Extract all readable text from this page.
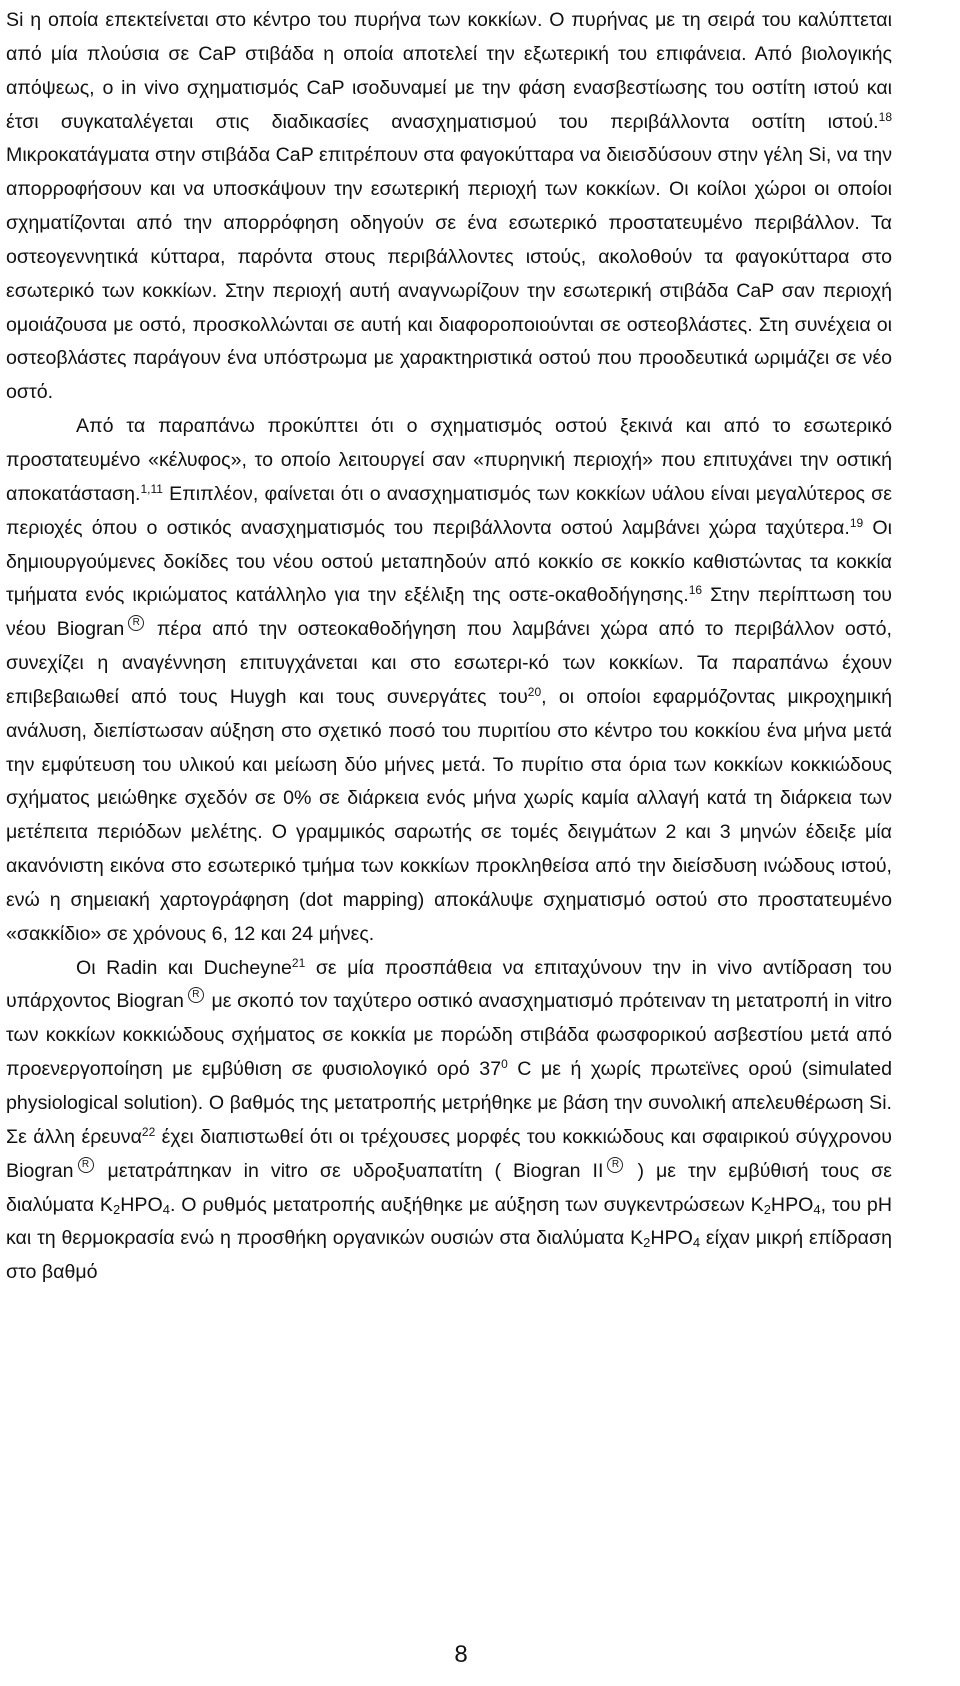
Si η οποία επεκτείνεται στο κέντρο του πυρήνα των κοκκίων. Ο πυρήνας με τη σειρά του καλύπτεται από μία πλούσια σε CaP στιβάδα η οποία αποτελεί την εξωτερική του επιφάνεια. Από βιολογικής απόψεως, ο in vivo σχηματισμός CaP ισοδυναμεί με την φάση ενασβεστίωσης του οστίτη ιστού και έτσι συγκαταλέγεται στις διαδικασίες ανασχηματισμού του περιβάλλοντα οστίτη ιστού.$^{18}$ Μικροκατάγματα στην στιβάδα CaP επιτρέπουν στα φαγοκύτταρα να διεισδύσουν στην γέλη Si, να την απορροφήσουν και να υποσκάψουν την εσωτερική περιοχή των κοκκίων. Οι κοίλοι χώροι οι οποίοι σχηματίζονται από την απορρόφηση οδηγούν σε ένα εσωτερικό προστατευμένο περιβάλλον. Τα οστεογεννητικά κύτταρα, παρόντα στους περιβάλλοντες ιστούς, ακολοθούν τα φαγοκύτταρα στο εσωτερικό των κοκκίων. Στην περιοχή αυτή αναγνωρίζουν την εσωτερική στιβάδα CaP σαν περιοχή ομοιάζουσα με οστό, προσκολλώνται σε αυτή και διαφοροποιούνται σε οστεοβλάστες. Στη συνέχεια οι οστεοβλάστες παράγουν ένα υπόστρωμα με χαρακτηριστικά οστού που προοδευτικά ωριμάζει σε νέο οστό.

Από τα παραπάνω προκύπτει ότι ο σχηματισμός οστού ξεκινά και από το εσωτερικό προστατευμένο «κέλυφος», το οποίο λειτουργεί σαν «πυρηνική περιοχή» που επιτυχάνει την οστική αποκατάσταση.$^{1,11}$ Επιπλέον, φαίνεται ότι ο ανασχηματισμός των κοκκίων υάλου είναι μεγαλύτερος σε περιοχές όπου ο οστικός ανασχηματισμός του περιβάλλοντα οστού λαμβάνει χώρα ταχύτερα.$^{19}$ Οι δημιουργούμενες δοκίδες του νέου οστού μεταπηδούν από κοκκίο σε κοκκίο καθιστώντας τα κοκκία τμήματα ενός ικριώματος κατάλληλο για την εξέλιξη της οστε-οκαθοδήγησης.$^{16}$ Στην περίπτωση του νέου Biogran R πέρα από την οστεοκαθοδήγηση που λαμβάνει χώρα από το περιβάλλον οστό, συνεχίζει η αναγέννηση επιτυγχάνεται και στο εσωτερι-κό των κοκκίων. Τα παραπάνω έχουν επιβεβαιωθεί από τους Huygh και τους συνεργάτες του$^{20}$, οι οποίοι εφαρμόζοντας μικροχημική ανάλυση, διεπίστωσαν αύξηση στο σχετικό ποσό του πυριτίου στο κέντρο του κοκκίου ένα μήνα μετά την εμφύτευση του υλικού και μείωση δύο μήνες μετά. Το πυρίτιο στα όρια των κοκκίων κοκκιώδους σχήματος μειώθηκε σχεδόν σε 0% σε διάρκεια ενός μήνα χωρίς καμία αλλαγή κατά τη διάρκεια των μετέπειτα περιόδων μελέτης. Ο γραμμικός σαρωτής σε τομές δειγμάτων 2 και 3 μηνών έδειξε μία ακανόνιστη εικόνα στο εσωτερικό τμήμα των κοκκίων προκληθείσα από την διείσδυση ινώδους ιστού, ενώ η σημειακή χαρτογράφηση (dot mapping) αποκάλυψε σχηματισμό οστού στο προστατευμένο «σακκίδιο» σε χρόνους 6, 12 και 24 μήνες.

Οι Radin και Ducheyne$^{21}$ σε μία προσπάθεια να επιταχύνουν την in vivo αντίδραση του υπάρχοντος Biogran R με σκοπό τον ταχύτερο οστικό ανασχηματισμό πρότειναν τη μετατροπή in vitro των κοκκίων κοκκιώδους σχήματος σε κοκκία με πορώδη στιβάδα φωσφορικού ασβεστίου μετά από προενεργοποίηση με εμβύθιση σε φυσιολογικό ορό $37^0$ C με ή χωρίς πρωτεϊνες ορού (simulated physiological solution). Ο βαθμός της μετατροπής μετρήθηκε με βάση την συνολική απελευθέρωση Si. Σε άλλη έρευνα$^{22}$ έχει διαπιστωθεί ότι οι τρέχουσες μορφές του κοκκιώδους και σφαιρικού σύγχρονου Biogran R μετατράπηκαν in vitro σε υδροξυαπατίτη ( Biogran II R ) με την εμβύθισή τους σε διαλύματα $K_2HPO_4$. Ο ρυθμός μετατροπής αυξήθηκε με αύξηση των συγκεντρώσεων $K_2HPO_4$, του pH και τη θερμοκρασία ενώ η προσθήκη οργανικών ουσιών στα διαλύματα $K_2HPO_4$ είχαν μικρή επίδραση στο βαθμό

8
